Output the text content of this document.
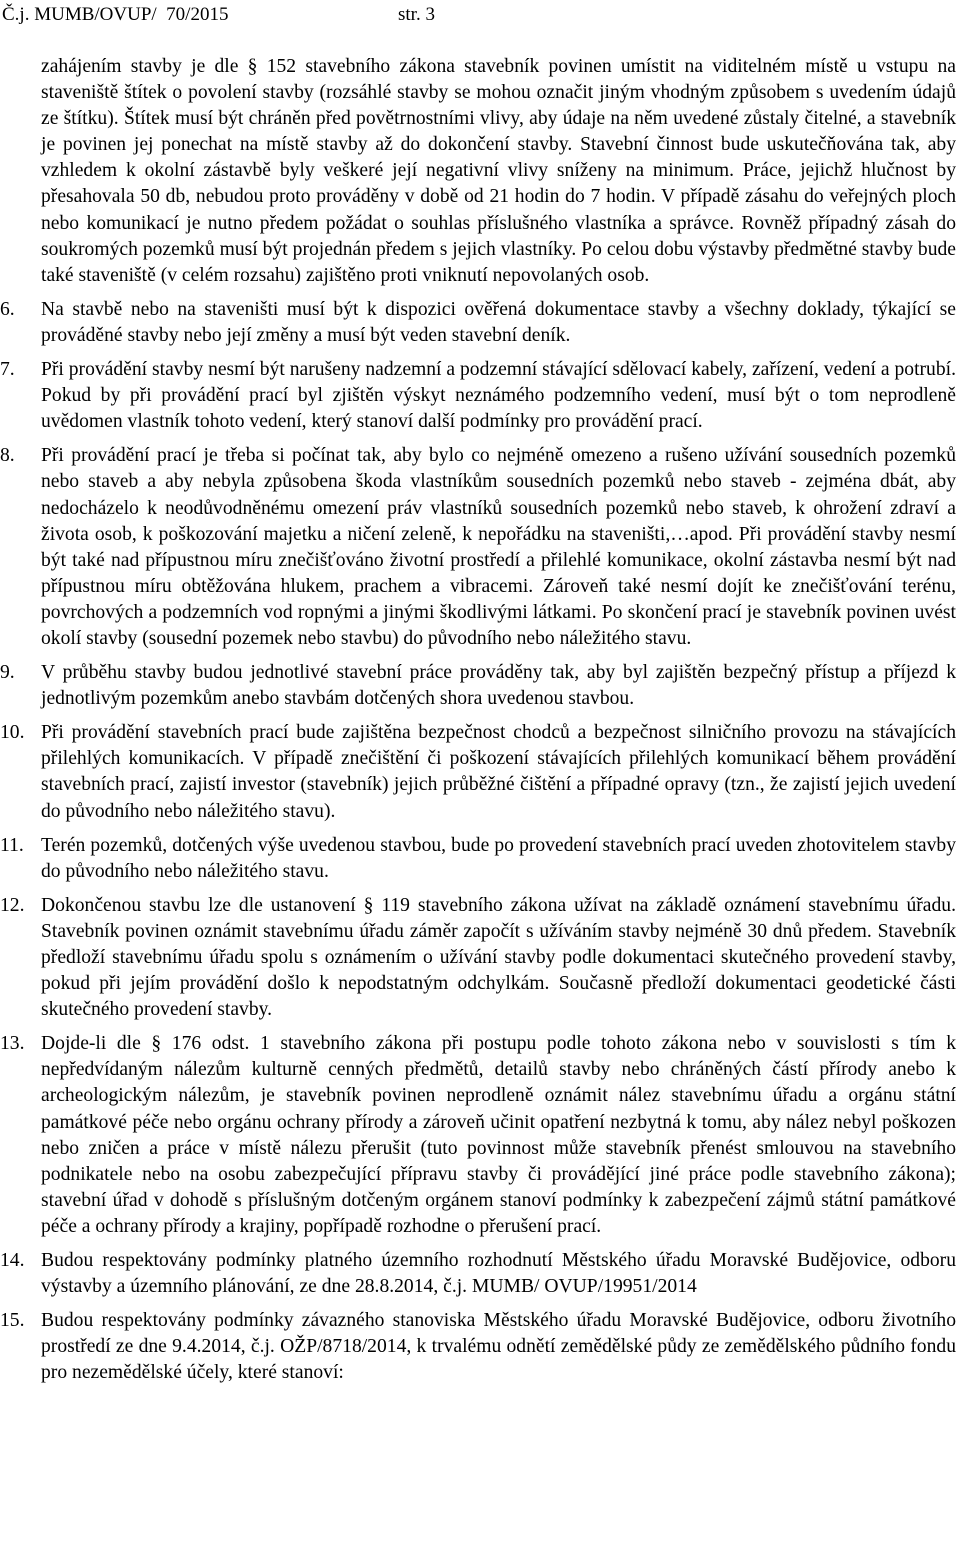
Č.j. MUMB/OVUP/  70/2015

	str. 3

zahájením stavby je dle § 152 stavebního zákona stavebník povinen umístit na viditelném místě u vstupu na staveniště štítek o povolení stavby (rozsáhlé stavby se mohou označit jiným vhodným způsobem s uvedením údajů ze štítku). Štítek musí být chráněn před povětrnostními vlivy, aby údaje na něm uvedené zůstaly čitelné, a stavebník je povinen jej ponechat na místě stavby až do dokončení stavby. Stavební činnost bude uskutečňována tak, aby vzhledem k okolní zástavbě byly veškeré její negativní vlivy sníženy na minimum. Práce, jejichž hlučnost by přesahovala 50 db, nebudou proto prováděny v době od 21 hodin do 7 hodin. V případě zásahu do veřejných ploch nebo komunikací je nutno předem požádat o souhlas příslušného vlastníka a správce. Rovněž případný zásah do soukromých pozemků musí být projednán předem s jejich vlastníky. Po celou dobu výstavby předmětné stavby bude také staveniště (v celém rozsahu) zajištěno proti vniknutí nepovolaných osob.
6.	Na stavbě nebo na staveništi musí být k dispozici ověřená dokumentace stavby a všechny doklady, týkající se prováděné stavby nebo její změny a musí být veden stavební deník.
7.	Při provádění stavby nesmí být narušeny nadzemní a podzemní stávající sdělovací kabely, zařízení, vedení a potrubí. Pokud by při provádění prací byl zjištěn výskyt neznámého podzemního vedení, musí být o tom neprodleně uvědomen vlastník tohoto vedení, který stanoví další podmínky pro provádění prací.
8.	Při provádění prací je třeba si počínat tak, aby bylo co nejméně omezeno a rušeno užívání sousedních pozemků nebo staveb a aby nebyla způsobena škoda vlastníkům sousedních pozemků nebo staveb - zejména dbát, aby nedocházelo k neodůvodněnému omezení práv vlastníků sousedních pozemků nebo staveb, k ohrožení zdraví a života osob, k poškozování majetku a ničení zeleně, k nepořádku na staveništi,…apod. Při provádění stavby nesmí být také nad přípustnou míru znečišťováno životní prostředí a přilehlé komunikace, okolní zástavba nesmí být nad přípustnou míru obtěžována hlukem, prachem a vibracemi. Zároveň také nesmí dojít ke znečišťování terénu, povrchových a podzemních vod ropnými a jinými škodlivými látkami. Po skončení prací je stavebník povinen uvést okolí stavby (sousední pozemek nebo stavbu) do původního nebo náležitého stavu.
9.	V průběhu stavby budou jednotlivé stavební práce prováděny tak, aby byl zajištěn bezpečný přístup a příjezd k jednotlivým pozemkům anebo stavbám dotčených shora uvedenou stavbou.
10. Při provádění stavebních prací bude zajištěna bezpečnost chodců a bezpečnost silničního provozu na stávajících přilehlých komunikacích. V případě znečištění či poškození stávajících přilehlých komunikací během provádění stavebních prací, zajistí investor (stavebník) jejich průběžné čištění a případné opravy (tzn., že zajistí jejich uvedení do původního nebo náležitého stavu).
11. Terén pozemků, dotčených výše uvedenou stavbou, bude po provedení stavebních prací uveden zhotovitelem stavby do původního nebo náležitého stavu.
12. Dokončenou stavbu lze dle ustanovení § 119 stavebního zákona užívat na základě oznámení stavebnímu úřadu. Stavebník povinen oznámit stavebnímu úřadu záměr započít s užíváním stavby nejméně 30 dnů předem. Stavebník předloží stavebnímu úřadu spolu s oznámením o užívání stavby podle dokumentaci skutečného provedení stavby, pokud při jejím provádění došlo k nepodstatným odchylkám. Současně předloží dokumentaci geodetické části skutečného provedení stavby.
13. Dojde-li dle § 176 odst. 1 stavebního zákona při postupu podle tohoto zákona nebo v souvislosti s tím k nepředvídaným nálezům kulturně cenných předmětů, detailů stavby nebo chráněných částí přírody anebo k archeologickým nálezům, je stavebník povinen neprodleně oznámit nález stavebnímu úřadu a orgánu státní památkové péče nebo orgánu ochrany přírody a zároveň učinit opatření nezbytná k tomu, aby nález nebyl poškozen nebo zničen a práce v místě nálezu přerušit (tuto povinnost může stavebník přenést smlouvou na stavebního podnikatele nebo na osobu zabezpečující přípravu stavby či provádějící jiné práce podle stavebního zákona); stavební úřad v dohodě s příslušným dotčeným orgánem stanoví podmínky k zabezpečení zájmů státní památkové péče a ochrany přírody a krajiny, popřípadě rozhodne o přerušení prací.
14. Budou respektovány podmínky platného územního rozhodnutí Městského úřadu Moravské Budějovice, odboru výstavby a územního plánování, ze dne 28.8.2014, č.j. MUMB/ OVUP/19951/2014
15. Budou respektovány podmínky závazného stanoviska Městského úřadu Moravské Budějovice, odboru životního prostředí ze dne 9.4.2014, č.j. OŽP/8718/2014, k trvalému odnětí zemědělské půdy ze zemědělského půdního fondu pro nezemědělské účely, které stanoví:
